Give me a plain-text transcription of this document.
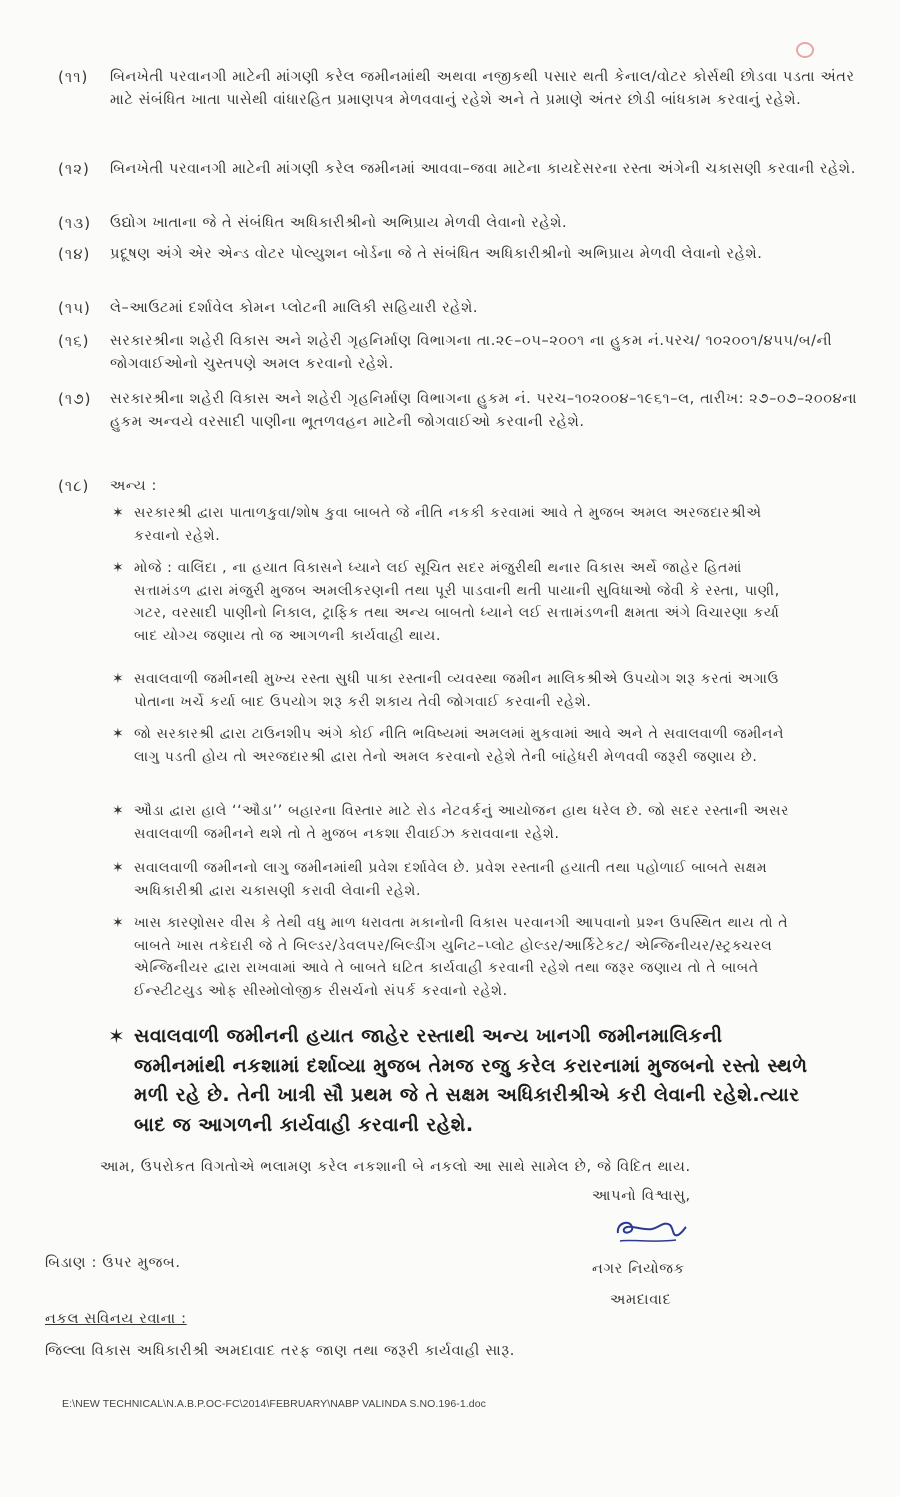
(૧૧) બિનખેતી પરવાનગી માટેની માંગણી કરેલ જમીનમાંથી અથવા નજીકથી પસાર થતી કેનાલ/વોટર કોર્સથી છોડવા પડતા અંતર માટે સંબંધિત ખાતા પાસેથી વાંધારહિત પ્રમાણપત્ર મેળવવાનું રહેશે અને તે પ્રમાણે અંતર છોડી બાંધકામ કરવાનું રહેશે.
(૧૨) બિનખેતી પરવાનગી માટેની માંગણી કરેલ જમીનમાં આવવા–જવા માટેના કાયદેસરના રસ્તા અંગેની ચકાસણી કરવાની રહેશે.
(૧૩) ઉદ્યોગ ખાતાના જે તે સંબંધિત અધિકારીશ્રીનો અભિપ્રાય મેળવી લેવાનો રહેશે.
(૧૪) પ્રદૂષણ અંગે એર એન્ડ વોટર પોલ્યુશન બોર્ડના જે તે સંબંધિત અધિકારીશ્રીનો અભિપ્રાય મેળવી લેવાનો રહેશે.
(૧૫) લે–આઉટમાં દર્શાવેલ કોમન પ્લોટની માલિકી સહિયારી રહેશે.
(૧૬) સરકારશ્રીના શહેરી વિકાસ અને શહેરી ગૃહનિર્માણ વિભાગના તા.૨૯–૦૫–૨૦૦૧ ના હુકમ નં.પરચ/ ૧૦૨૦૦૧/૪૫૫/બ/ની જોગવાઈઓનો ચુસ્તપણે અમલ કરવાનો રહેશે.
(૧૭) સરકારશ્રીના શહેરી વિકાસ અને શહેરી ગૃહનિર્માણ વિભાગના હુકમ નં. પરચ–૧૦૨૦૦૪–૧૯૬૧–લ, તારીખ: ૨૭–૦૭–૨૦૦૪ના હુકમ અન્વયે વરસાદી પાણીના ભૂતળવહન માટેની જોગવાઈઓ કરવાની રહેશે.
(૧૮) અન્ય :
✶ સરકારશ્રી દ્વારા પાતાળકુવા/શોષ કુવા બાબતે જે નીતિ નકકી કરવામાં આવે તે મુજબ અમલ અરજદારશ્રીએ કરવાનો રહેશે.
✶ મોજે : વાલિંદા , ના હયાત વિકાસને ધ્યાને લઈ સૂચિત સદર મંજુરીથી થનાર વિકાસ અર્થે જાહેર હિતમાં સત્તામંડળ દ્વારા મંજુરી મુજબ અમલીકરણની તથા પૂરી પાડવાની થતી પાયાની સુવિધાઓ જેવી કે રસ્તા, પાણી, ગટર, વરસાદી પાણીનો નિકાલ, ટ્રાફિક તથા અન્ય બાબતો ધ્યાને લઈ સત્તામંડળની ક્ષમતા અંગે વિચારણા કર્યા બાદ યોગ્ય જણાય તો જ આગળની કાર્યવાહી થાય.
✶ સવાલવાળી જમીનથી મુખ્ય રસ્તા સુધી પાકા રસ્તાની વ્યવસ્થા જમીન માલિકશ્રીએ ઉપયોગ શરૂ કરતાં અગાઉ પોતાના ખર્ચે કર્યા બાદ ઉપયોગ શરૂ કરી શકાય તેવી જોગવાઈ કરવાની રહેશે.
✶ જો સરકારશ્રી દ્વારા ટાઉનશીપ અંગે કોઈ નીતિ ભવિષ્યમાં અમલમાં મુકવામાં આવે અને તે સવાલવાળી જમીનને લાગુ પડતી હોય તો અરજદારશ્રી દ્વારા તેનો અમલ કરવાનો રહેશે તેની બાંહેધરી મેળવવી જરૂરી જણાય છે.
✶ ઔડા દ્વારા હાલે ‘‘ઔડા’’ બહારના વિસ્તાર માટે રોડ નેટવર્કનું આયોજન હાથ ધરેલ છે. જો સદર રસ્તાની અસર સવાલવાળી જમીનને થશે તો તે મુજબ નકશા રીવાઈઝ કરાવવાના રહેશે.
✶ સવાલવાળી જમીનનો લાગુ જમીનમાંથી પ્રવેશ દર્શાવેલ છે. પ્રવેશ રસ્તાની હયાતી તથા પહોળાઈ બાબતે સક્ષમ અધિકારીશ્રી દ્વારા ચકાસણી કરાવી લેવાની રહેશે.
✶ ખાસ કારણોસર વીસ કે તેથી વધુ માળ ધરાવતા મકાનોની વિકાસ પરવાનગી આપવાનો પ્રશ્ન ઉપસ્થિત થાય તો તે બાબતે ખાસ તકેદારી જે તે બિલ્ડર/ડેવલપર/બિલ્ડીંગ યુનિટ–પ્લોટ હોલ્ડર/આર્કિટેકટ/ એન્જિનીયર/સ્ટ્રક્ચરલ એન્જિનીયર દ્વારા રાખવામાં આવે તે બાબતે ઘટિત કાર્યવાહી કરવાની રહેશે તથા જરૂર જણાય તો તે બાબતે ઈન્સ્ટીટયુડ ઓફ સીસ્મોલોજીક રીસર્ચનો સંપર્ક કરવાનો રહેશે.
✶ સવાલવાળી જમીનની હયાત જાહેર રસ્તાથી અન્ય ખાનગી જમીનમાલિકની જમીનમાંથી નકશામાં દર્શાવ્યા મુજબ તેમજ રજુ કરેલ કરારનામાં મુજબનો રસ્તો સ્થળે મળી રહે છે. તેની ખાત્રી સૌ પ્રથમ જે તે સક્ષમ અધિકારીશ્રીએ કરી લેવાની રહેશે.ત્યાર બાદ જ આગળની કાર્યવાહી કરવાની રહેશે.
આમ, ઉપરોકત વિગતોએ ભલામણ કરેલ નકશાની બે નકલો આ સાથે સામેલ છે, જે વિદિત થાય.
આપનો વિશ્વાસુ,
બિડાણ : ઉપર મુજબ.	નગર નિયોજક
અમદાવાદ
નકલ સવિનય રવાના :
જિલ્લા વિકાસ અધિકારીશ્રી અમદાવાદ તરફ જાણ તથા જરૂરી કાર્યવાહી સારૂ.
E:\NEW TECHNICAL\N.A.B.P.OC-FC\2014\FEBRUARY\NABP VALINDA S.NO.196-1.doc
